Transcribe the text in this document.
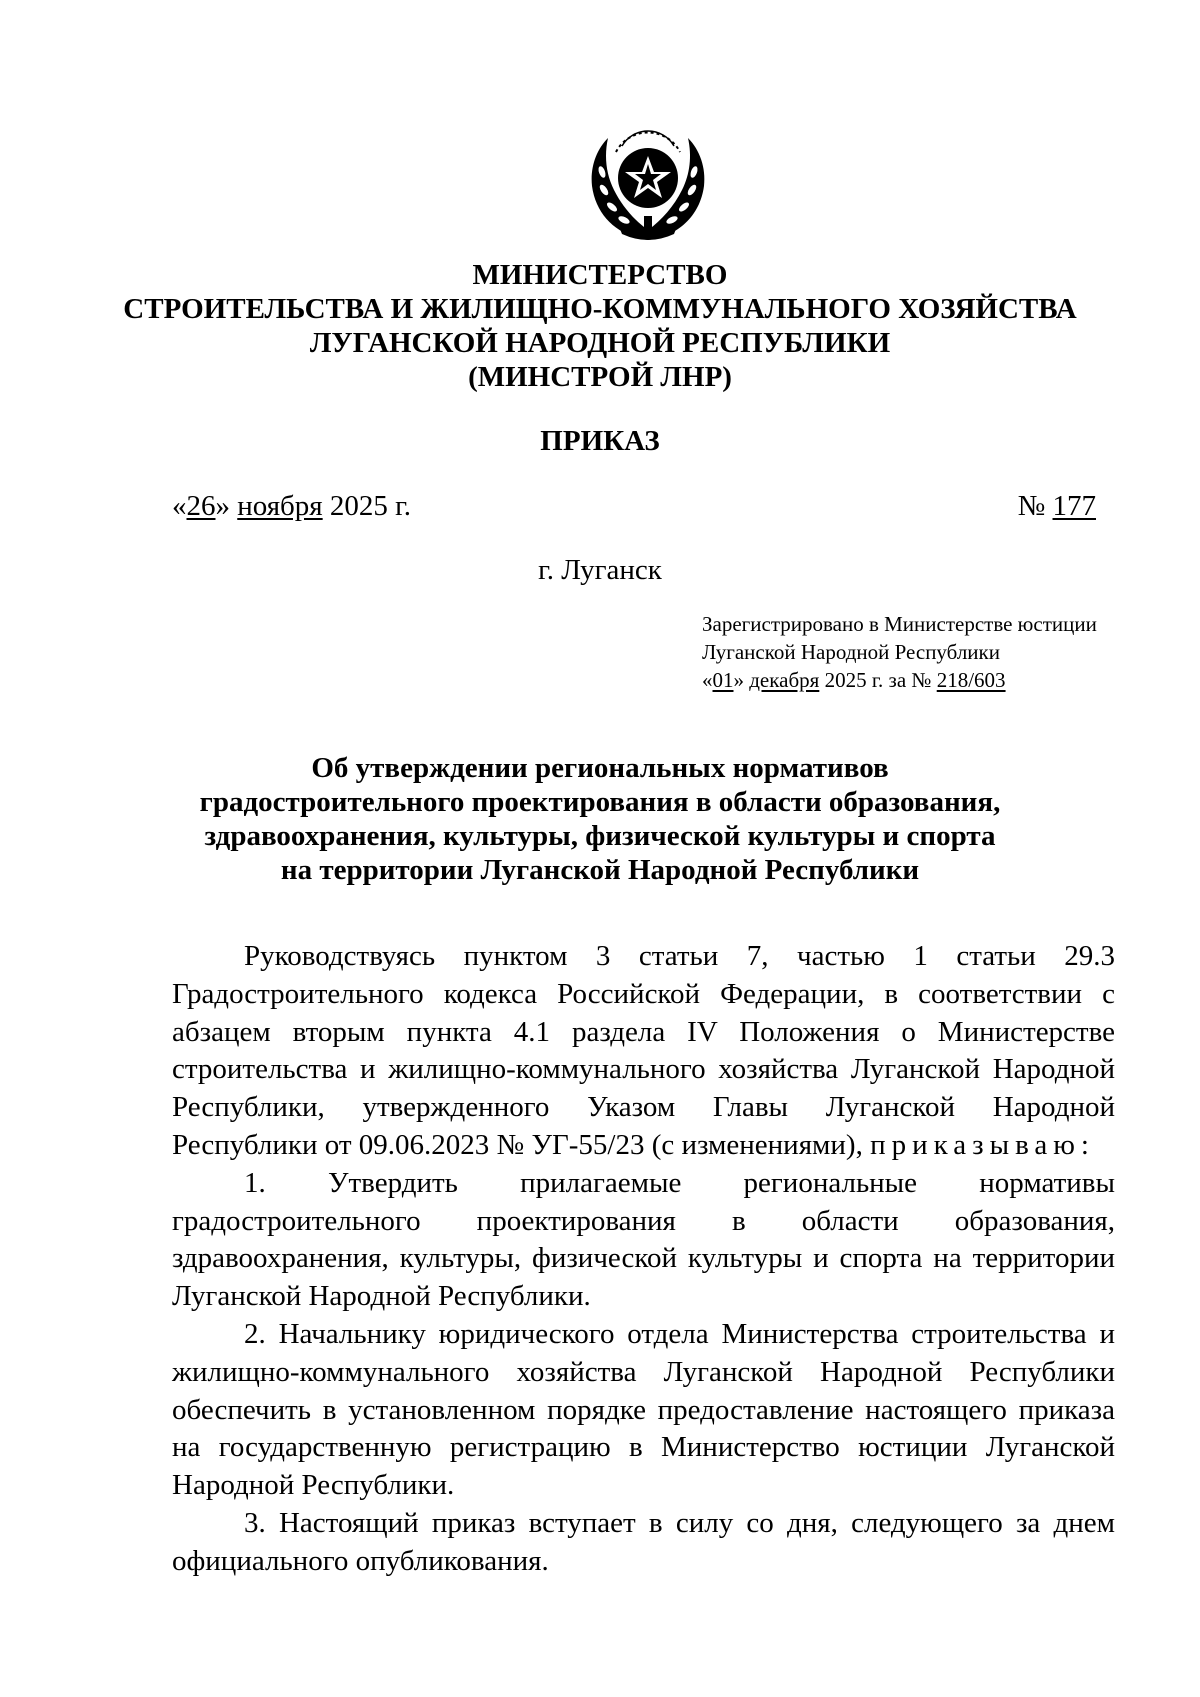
МИНИСТЕРСТВО
СТРОИТЕЛЬСТВА И ЖИЛИЩНО-КОММУНАЛЬНОГО ХОЗЯЙСТВА
ЛУГАНСКОЙ НАРОДНОЙ РЕСПУБЛИКИ
(МИНСТРОЙ ЛНР)
ПРИКАЗ
«26» ноября 2025 г.	№ 177
г. Луганск
Зарегистрировано в Министерстве юстиции
Луганской Народной Республики
«01» декабря 2025 г. за № 218/603
Об утверждении региональных нормативов градостроительного проектирования в области образования, здравоохранения, культуры, физической культуры и спорта на территории Луганской Народной Республики

Руководствуясь пунктом 3 статьи 7, частью 1 статьи 29.3 Градостроительного кодекса Российской Федерации, в соответствии с абзацем вторым пункта 4.1 раздела IV Положения о Министерстве строительства и жилищно-коммунального хозяйства Луганской Народной Республики, утвержденного Указом Главы Луганской Народной Республики от 09.06.2023 № УГ-55/23 (с изменениями), приказываю:

1. Утвердить прилагаемые региональные нормативы градостроительного проектирования в области образования, здравоохранения, культуры, физической культуры и спорта на территории Луганской Народной Республики.

2. Начальнику юридического отдела Министерства строительства и жилищно-коммунального хозяйства Луганской Народной Республики обеспечить в установленном порядке предоставление настоящего приказа на государственную регистрацию в Министерство юстиции Луганской Народной Республики.

3. Настоящий приказ вступает в силу со дня, следующего за днем официального опубликования.
